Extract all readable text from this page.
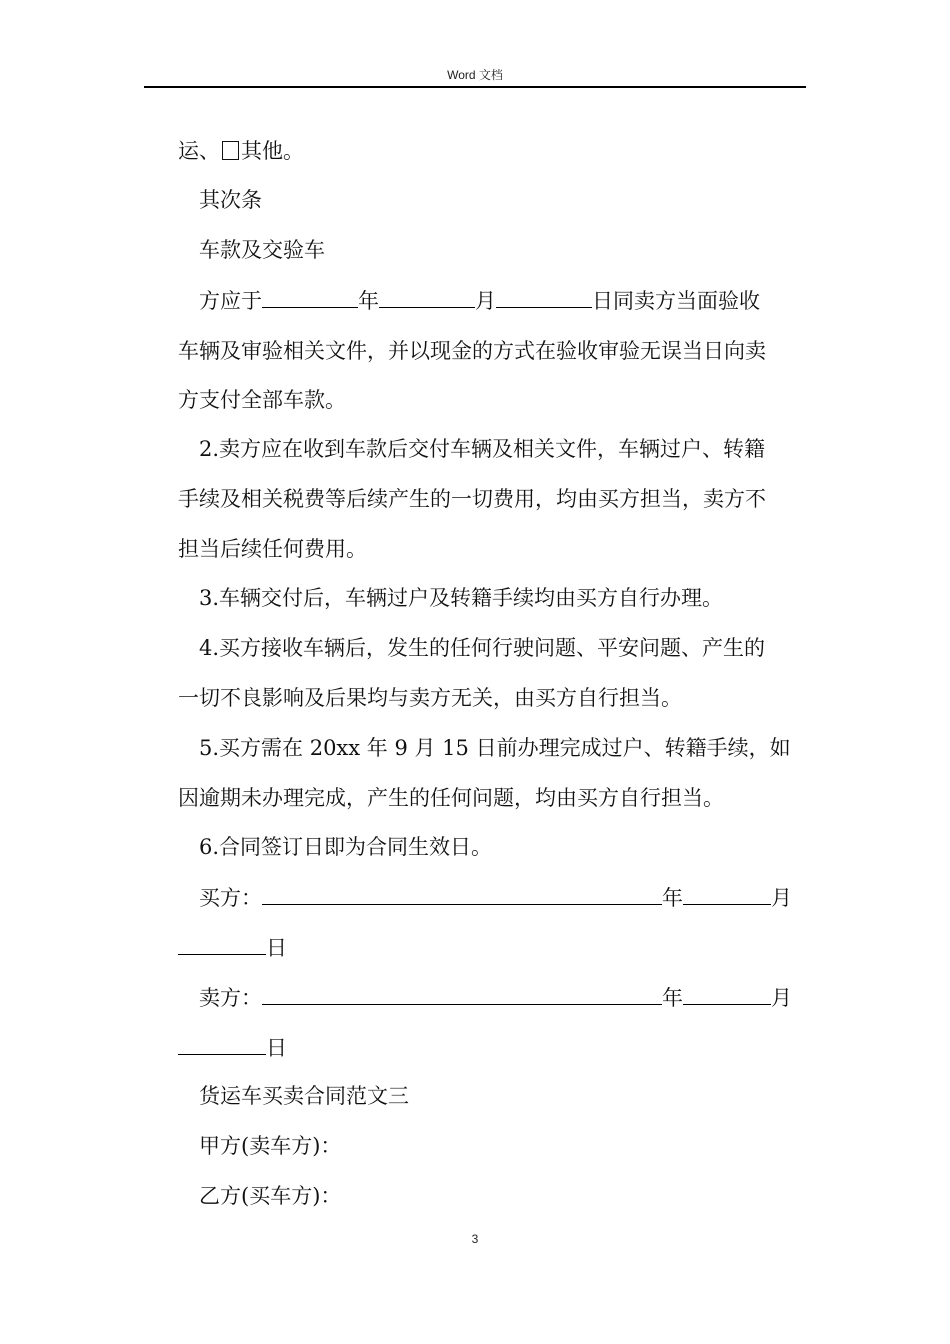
Word 文档
运、 其他。
其次条
车款及交验车
方应于	年	月	日同卖方当面验收
车辆及审验相关文件，并以现金的方式在验收审验无误当日向卖
方支付全部车款。
2.卖方应在收到车款后交付车辆及相关文件，车辆过户、转籍
手续及相关税费等后续产生的一切费用，均由买方担当，卖方不
担当后续任何费用。
3.车辆交付后，车辆过户及转籍手续均由买方自行办理。
4.买方接收车辆后，发生的任何行驶问题、平安问题、产生的
一切不良影响及后果均与卖方无关，由买方自行担当。
5.买方需在 20xx 年 9 月 15 日前办理完成过户、转籍手续，如
因逾期未办理完成，产生的任何问题，均由买方自行担当。
6.合同签订日即为合同生效日。
买方：	年	月
日
卖方：	年	月
日
货运车买卖合同范文三
甲方(卖车方)：
乙方(买车方)：
3
